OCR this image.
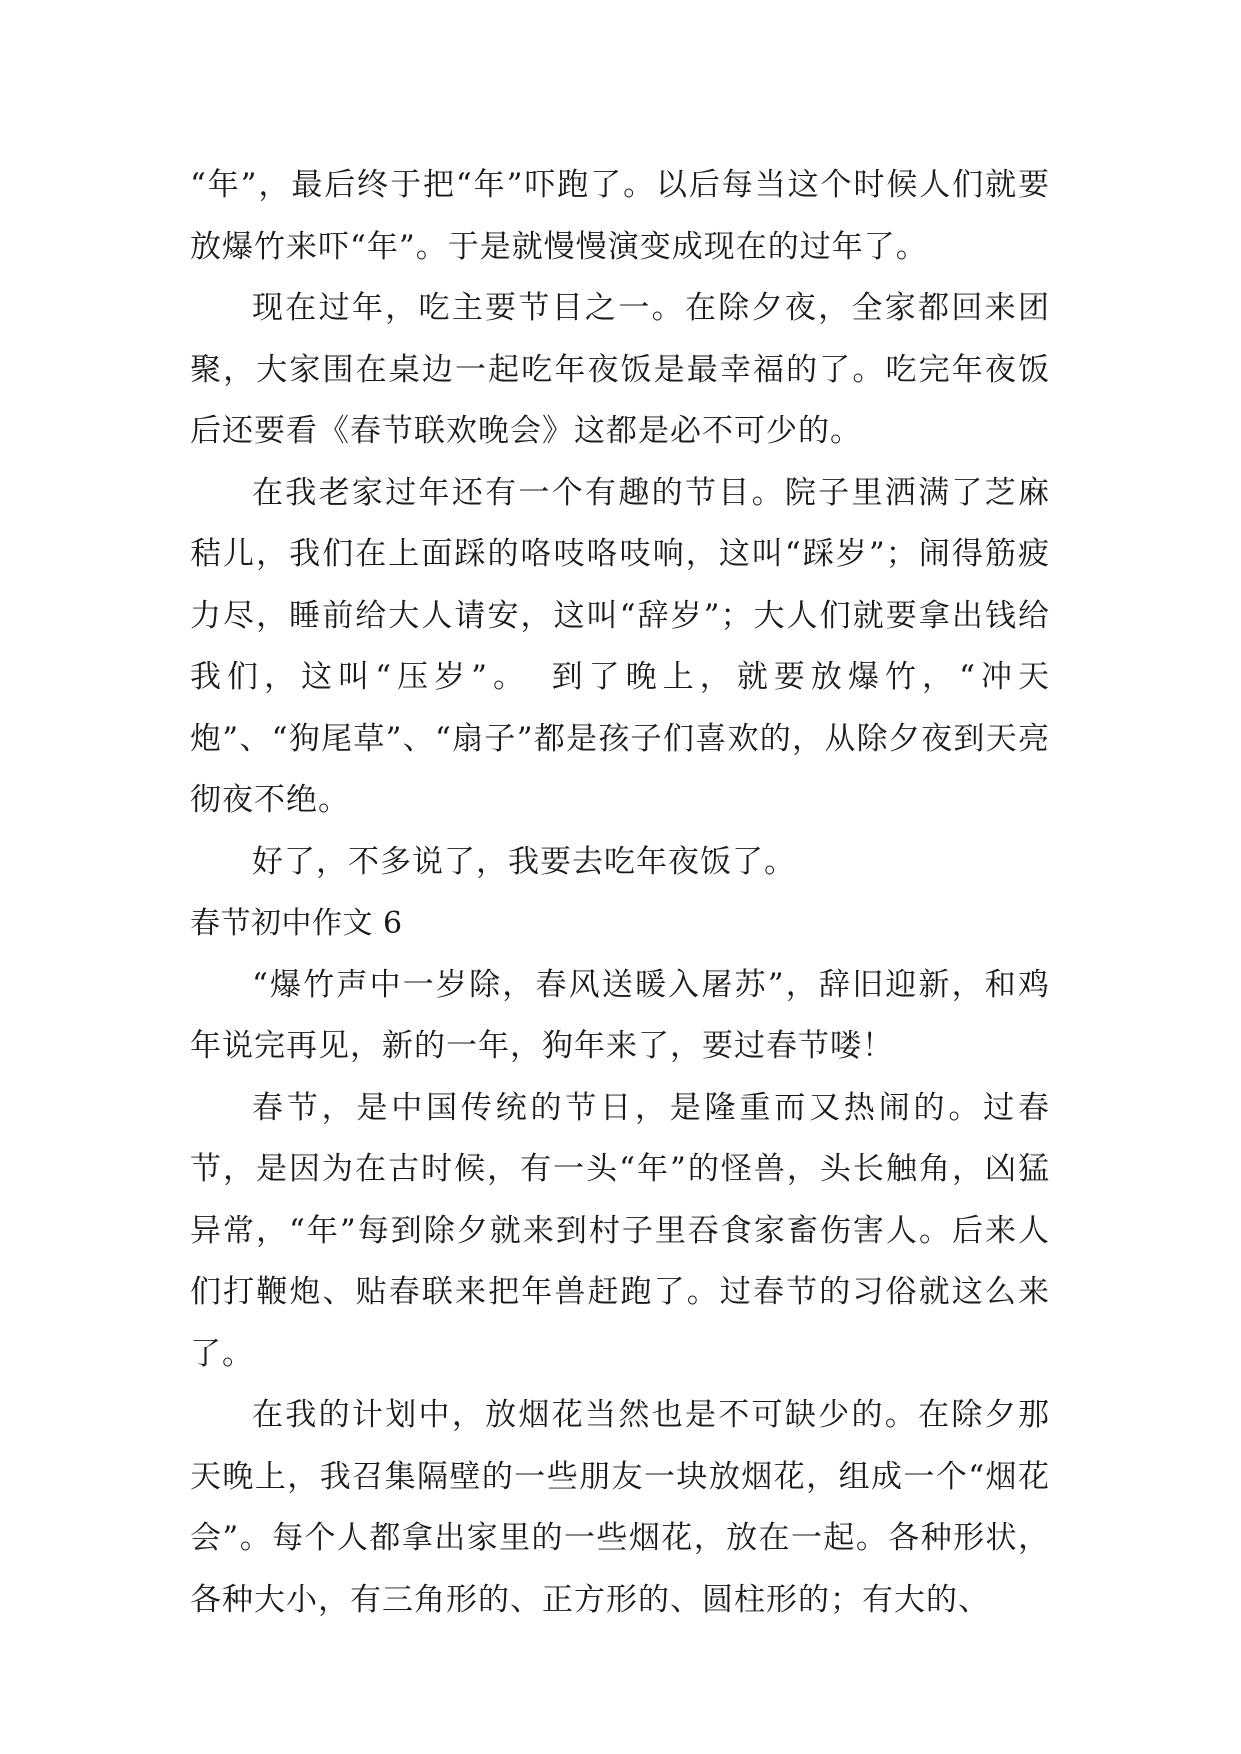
“年”，最后终于把“年”吓跑了。以后每当这个时候人们就要放爆竹来吓“年”。于是就慢慢演变成现在的过年了。

现在过年，吃主要节目之一。在除夕夜，全家都回来团聚，大家围在桌边一起吃年夜饭是最幸福的了。吃完年夜饭后还要看《春节联欢晚会》这都是必不可少的。

在我老家过年还有一个有趣的节目。院子里洒满了芝麻秸儿，我们在上面踩的咯吱咯吱响，这叫“踩岁”；闹得筋疲力尽，睡前给大人请安，这叫“辞岁”；大人们就要拿出钱给我们，这叫“压岁”。　到了晚上，就要放爆竹，“冲天炮”、“狗尾草”、“扇子”都是孩子们喜欢的，从除夕夜到天亮彻夜不绝。

好了，不多说了，我要去吃年夜饭了。

春节初中作文 6

“爆竹声中一岁除，春风送暖入屠苏”，辞旧迎新，和鸡年说完再见，新的一年，狗年来了，要过春节喽！

春节，是中国传统的节日，是隆重而又热闹的。过春节，是因为在古时候，有一头“年”的怪兽，头长触角，凶猛异常，“年”每到除夕就来到村子里吞食家畜伤害人。后来人们打鞭炮、贴春联来把年兽赶跑了。过春节的习俗就这么来了。

在我的计划中，放烟花当然也是不可缺少的。在除夕那天晚上，我召集隔壁的一些朋友一块放烟花，组成一个“烟花会”。每个人都拿出家里的一些烟花，放在一起。各种形状，各种大小，有三角形的、正方形的、圆柱形的；有大的、
